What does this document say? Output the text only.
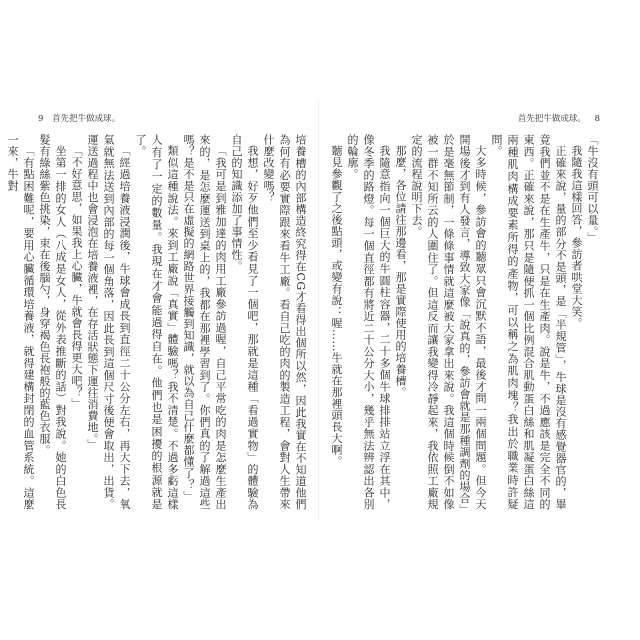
9 首先把牛做成球。

培養槽的內部構造終究得在CG才看得出個所以然，因此我實在不知道他們為何有必要實際跟來看牛工廠。看自己吃的肉的製造工程，會對人生帶來什麼改變嗎？

我想，好歹他們至少看見了一個吧，那就是這種「看過實物」的體驗為自己的知識添加了事情性。

「我可是到雅加達的肉用工廠參訪過喔，自己平常吃的肉是怎麼生產出來的，是怎麼運送到桌上的，我都在那裡學習到了。你們真的了解過這些嗎？是不是只在虛擬的網路世界接觸到知識，就以為自己什麼都懂了？」

類似這種說法。來到工廠說「真實」體驗嗎？我不清楚。不過多虧這樣人有了一定的數量。我現在才會能過得自在。他們也是困擾的根源就是了。

「經過培養液浸潤後，牛球會成長到直徑二十公分左右，再大下去，氧氣就無法送到內部的每一個角落，因此長到這個尺寸後便會取出，出貨。運送過程中也會浸泡在培養液裡，在存活狀態下運往消費地。」

「不好意思，如果我上心臟，牛就會長得更大吧？」

坐第一排的女人（八成是女人，從外表推斷的話）對我說。她的白色長髮有綠絲紫色挑染，束在後腦勺，身穿褐色長袍般的藍色衣服。

「有點困難呢，要用心臟循環培養液，就得建構封閉的血管系統。這麼一來，牛對

首先把牛做成球。 8

「牛沒有頭可以量。」

我隨我這樣回答，參訪者哄堂大笑。

正確來說，量的部分不是頭，是「半規管」，牛球是沒有感覺器官的，畢竟我們並不是在生產牛，只是在生產肉。說是牛，不過應該是完全不同的東西。正確來說，那只是隨便抓一個比例混合肌動蛋白絲和肌凝蛋白絲這兩種肌肉構成要素所得的產物，可以稱之為肌肉塊？我出於職業時許疑問。

大多時候，參訪會的聽眾只會沉默不語，最後才問一兩個問題。但今天開場後才到有人發言，導致大家像「說真的，參訪會就是那種調劑的場合」於是毫無節制，一條條事情就這麼被大家拿出來說。我這個時候倒不如像被一群不知所云的人圍住了。但這反而讓我變得冷靜起來，我依照工廠規定的流程說明下去。

那麼，各位請往那邊看，那是實際使用的培養槽。

我隨意指向一個巨大的牛圓柱容器，二十多個牛球排排站立浮在其中，像冬季的路燈。每一個直徑都有將近二十公分大小，幾乎無法辨認出各別的輪廓。

聽見參觀了之後點頭，或變有說：喔……牛就在那裡頭長大啊。
